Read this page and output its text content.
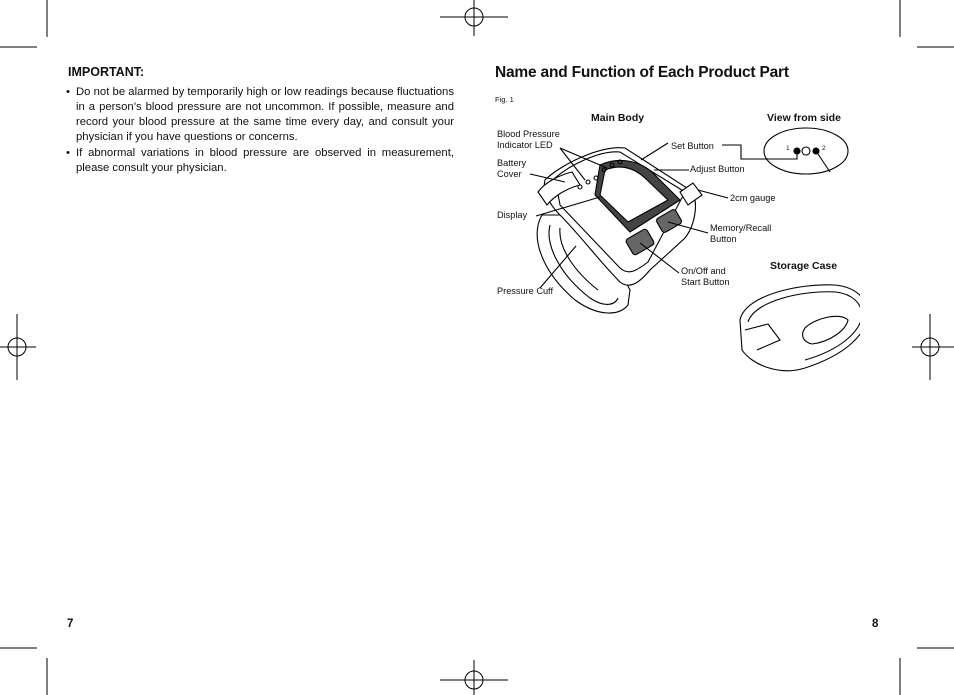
IMPORTANT:
• Do not be alarmed by temporarily high or low readings because fluctuations in a person’s blood pressure are not uncommon. If possible, measure and record your blood pressure at the same time every day, and consult your physician if you have questions or concerns.
• If abnormal variations in blood pressure are observed in measurement, please consult your physician.
7
Name and Function of Each Product Part
Fig. 1
Main Body	View from side
Storage Case
1	2
Blood Pressure
Indicator LED
Battery
Cover
Display
Pressure Cuff
Set Button
Adjust Button
2cm gauge
Memory/Recall
Button
On/Off and
Start Button
8
